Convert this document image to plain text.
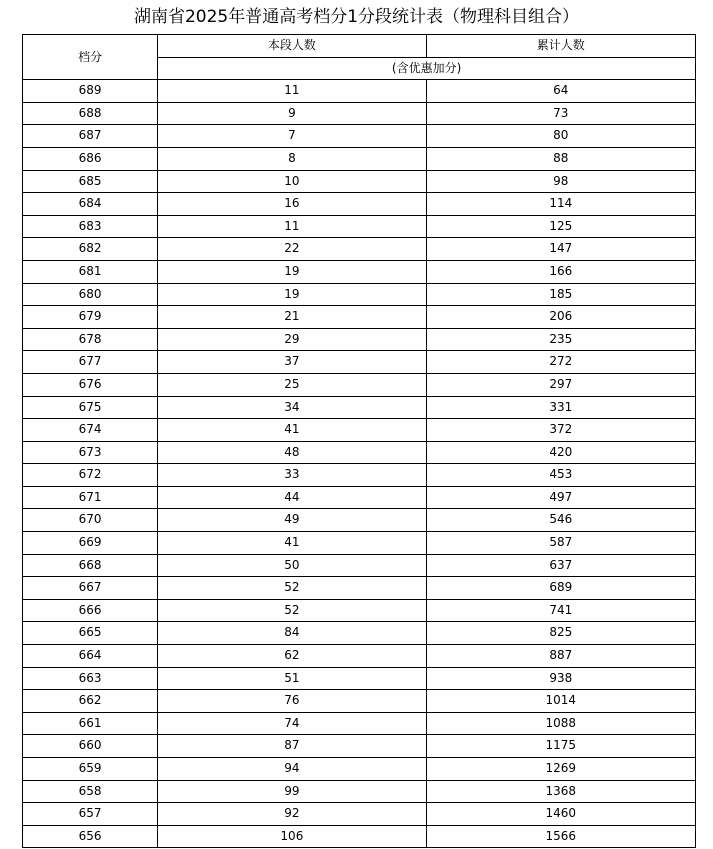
湖南省2025年普通高考档分1分段统计表（物理科目组合）
档分	本段人数	累计人数
	(含优惠加分)	
689	11	64
688	9	73
687	7	80
686	8	88
685	10	98
684	16	114
683	11	125
682	22	147
681	19	166
680	19	185
679	21	206
678	29	235
677	37	272
676	25	297
675	34	331
674	41	372
673	48	420
672	33	453
671	44	497
670	49	546
669	41	587
668	50	637
667	52	689
666	52	741
665	84	825
664	62	887
663	51	938
662	76	1014
661	74	1088
660	87	1175
659	94	1269
658	99	1368
657	92	1460
656	106	1566
